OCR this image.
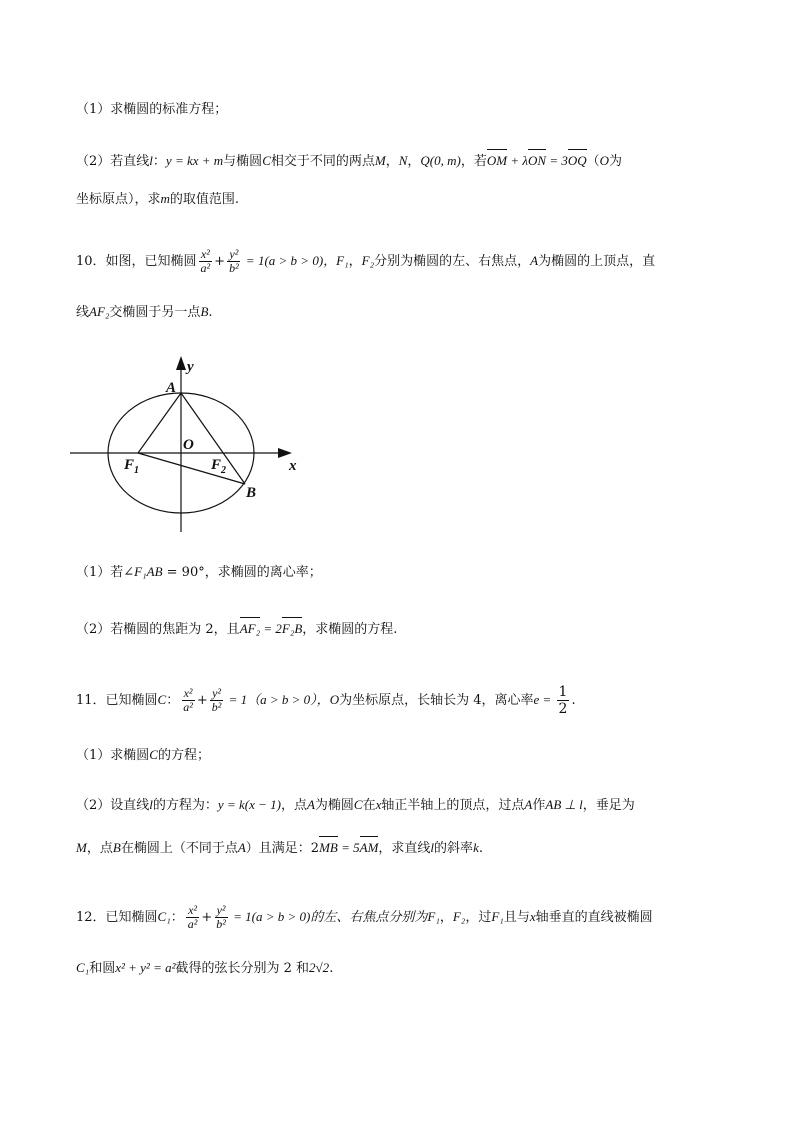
（1）求椭圆的标准方程；
（2）若直线l：y = kx + m与椭圆C相交于不同的两点M，N，Q(0, m)，若OM + λON = 3OQ（O为
坐标原点），求m的取值范围.
10．如图，已知椭圆 $\frac{\text{x²}}{\text{a²}} + \frac{\text{y²}}{\text{b²}} = 1(a > b > 0)$，F₁，F₂分别为椭圆的左、右焦点，A为椭圆的上顶点，直
线AF₂交椭圆于另一点B.
y
x
A
O
$F_1$	$F_2$
B
（1）若∠F₁AB = 90°，求椭圆的离心率；
（2）若椭圆的焦距为 2，且AF₂ = 2F₂B，求椭圆的方程.
11．已知椭圆C： $\frac{\text{x²}}{\text{a²}} + \frac{\text{y²}}{\text{b²}} = 1(a > b > 0)$，O为坐标原点，长轴长为 4，离心率$e = \frac{1}{2}$ .
（1）求椭圆C的方程；
（2）设直线l的方程为：y = k(x − 1)，点A为椭圆C在x轴正半轴上的顶点，过点A作AB ⊥ l，垂足为
M，点B在椭圆上（不同于点A）且满足：2MB = 5AM，求直线l的斜率k.
12．已知椭圆C₁： $\frac{\text{x²}}{\text{a²}} + \frac{\text{y²}}{\text{b²}} = 1(a > b > 0)$的左、右焦点分别为F₁，F₂，过F₁且与x轴垂直的直线被椭圆
C₁和圆x² + y² = a²截得的弦长分别为 2 和2√2.
